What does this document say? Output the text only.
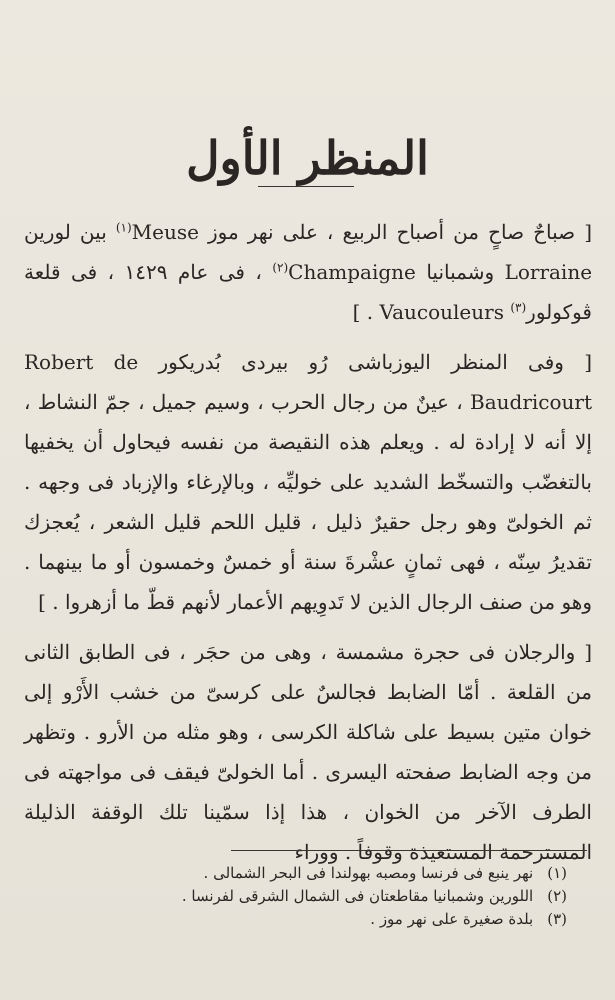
المنظر الأول

[ صباحٌ صاحٍ من أصباح الربيع ، على نهر موز Meuse$^{(١)}$ بين لورين Lorraine وشمبانيا Champaigne$^{(٢)}$ ، فى عام ١٤٢٩ ، فى قلعة ڤوكولور$^{(٣)}$ Vaucouleurs . ]

[ وفى المنظر اليوزباشى رُو بيردى بُدريكور Robert de Baudricourt ، عينٌ من رجال الحرب ، وسيم جميل ، جمّ النشاط ، إلا أنه لا إرادة له . ويعلم هذه النقيصة من نفسه فيحاول أن يخفيها بالتغضّب والتسخّط الشديد على خوليِّه ، وبالإرغاء والإزباد فى وجهه . ثم الخولىّ وهو رجل حقيرٌ ذليل ، قليل اللحم قليل الشعر ، يُعجزك تقديرُ سِنّه ، فهى ثمانٍ عشْرةَ سنة أو خمسٌ وخمسون أو ما بينهما . وهو من صنف الرجال الذين لا تَدوِيهم الأعمار لأنهم قطّ ما أزهروا . ]

[ والرجلان فى حجرة مشمسة ، وهى من حجَر ، فى الطابق الثانى من القلعة . أمّا الضابط فجالسٌ على كرسىّ من خشب الأَرْو إلى خوان متين بسيط على شاكلة الكرسى ، وهو مثله من الأرو . وتظهر من وجه الضابط صفحته اليسرى . أما الخولىّ فيقف فى مواجهته فى الطرف الآخر من الخوان ، هذا إذا سمّينا تلك الوقفة الذليلة المسترحمة المستعيذة وقوفاً . ووراء

(١)
نهر ينبع فى فرنسا ومصبه بهولندا فى البحر الشمالى .
(٢)
اللورين وشمبانيا مقاطعتان فى الشمال الشرقى لفرنسا .
(٣)
بلدة صغيرة على نهر موز .
